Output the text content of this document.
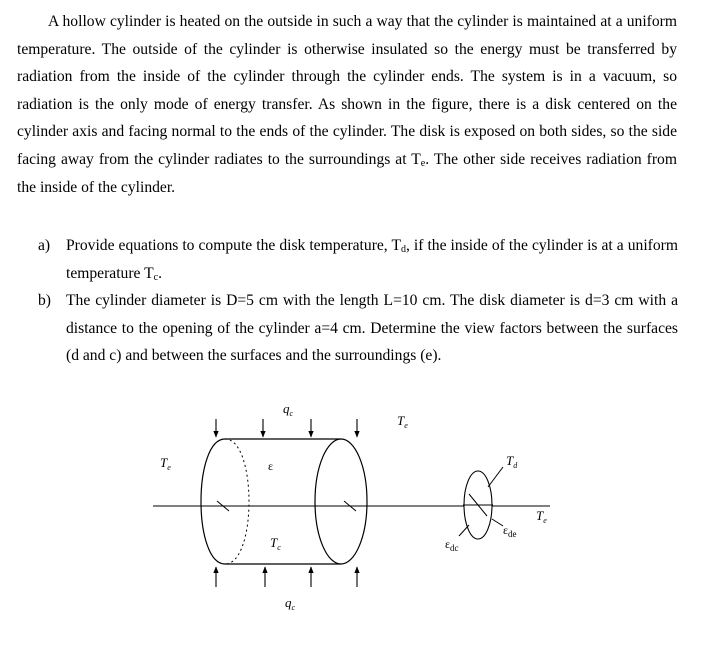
A hollow cylinder is heated on the outside in such a way that the cylinder is maintained at a uniform temperature. The outside of the cylinder is otherwise insulated so the energy must be transferred by radiation from the inside of the cylinder through the cylinder ends. The system is in a vacuum, so radiation is the only mode of energy transfer. As shown in the figure, there is a disk centered on the cylinder axis and facing normal to the ends of the cylinder. The disk is exposed on both sides, so the side facing away from the cylinder radiates to the surroundings at $T_e$. The other side receives radiation from the inside of the cylinder.

a) Provide equations to compute the disk temperature, $T_d$, if the inside of the cylinder is at a uniform temperature $T_c$.
b) The cylinder diameter is D=5 cm with the length L=10 cm. The disk diameter is d=3 cm with a distance to the opening of the cylinder a=4 cm. Determine the view factors between the surfaces (d and c) and between the surfaces and the surroundings (e).
$q_c$	$T_e$
$T_e$	ε
$T_c$
$q_c$
$T_d$
$T_e$
$\varepsilon_{dc}$
$\varepsilon_{de}$
